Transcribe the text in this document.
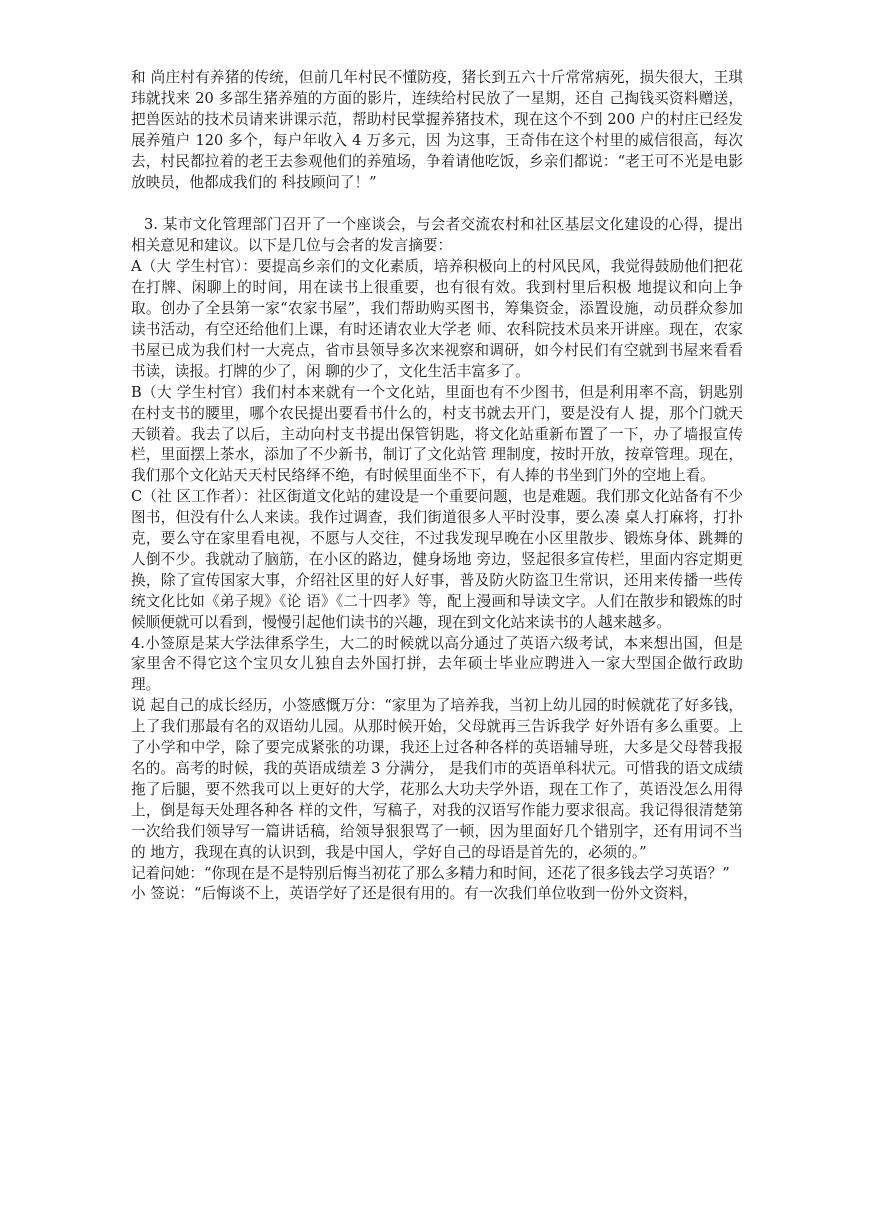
和 尚庄村有养猪的传统，但前几年村民不懂防疫，猪长到五六十斤常常病死，损失很大，王琪玮就找来 20 多部生猪养殖的方面的影片，连续给村民放了一星期，还自 己掏钱买资料赠送，把兽医站的技术员请来讲课示范，帮助村民掌握养猪技术，现在这个不到 200 户的村庄已经发展养殖户 120 多个，每户年收入 4 万多元，因 为这事，王奇伟在这个村里的威信很高，每次去，村民都拉着的老王去参观他们的养殖场，争着请他吃饭，乡亲们都说：“老王可不光是电影放映员，他都成我们的 科技顾问了！”

3. 某市文化管理部门召开了一个座谈会，与会者交流农村和社区基层文化建设的心得，提出相关意见和建议。以下是几位与会者的发言摘要：

A（大 学生村官）：要提高乡亲们的文化素质，培养积极向上的村风民风，我觉得鼓励他们把花在打牌、闲聊上的时间，用在读书上很重要，也有很有效。我到村里后积极 地提议和向上争取。创办了全县第一家“农家书屋”，我们帮助购买图书，筹集资金，添置设施，动员群众参加读书活动，有空还给他们上课，有时还请农业大学老 师、农科院技术员来开讲座。现在，农家书屋已成为我们村一大亮点，省市县领导多次来视察和调研，如今村民们有空就到书屋来看看书读，读报。打牌的少了，闲 聊的少了，文化生活丰富多了。

B（大 学生村官）我们村本来就有一个文化站，里面也有不少图书，但是利用率不高，钥匙别在村支书的腰里，哪个农民提出要看书什么的，村支书就去开门，要是没有人 提，那个门就天天锁着。我去了以后，主动向村支书提出保管钥匙，将文化站重新布置了一下，办了墙报宣传栏，里面摆上茶水，添加了不少新书，制订了文化站管 理制度，按时开放，按章管理。现在，我们那个文化站天天村民络绎不绝，有时候里面坐不下，有人捧的书坐到门外的空地上看。

C（社 区工作者）：社区街道文化站的建设是一个重要问题，也是难题。我们那文化站备有不少图书，但没有什么人来读。我作过调查，我们街道很多人平时没事，要么凑 桌人打麻将，打扑克，要么守在家里看电视，不愿与人交往，不过我发现早晚在小区里散步、锻炼身体、跳舞的人倒不少。我就动了脑筋，在小区的路边，健身场地 旁边，竖起很多宣传栏，里面内容定期更换，除了宣传国家大事，介绍社区里的好人好事，普及防火防盗卫生常识，还用来传播一些传统文化比如《弟子规》《论 语》《二十四孝》等，配上漫画和导读文字。人们在散步和锻炼的时候顺便就可以看到，慢慢引起他们读书的兴趣，现在到文化站来读书的人越来越多。

4.小签原是某大学法律系学生，大二的时候就以高分通过了英语六级考试，本来想出国，但是家里舍不得它这个宝贝女儿独自去外国打拼，去年硕士毕业应聘进入一家大型国企做行政助理。

说 起自己的成长经历，小签感慨万分：“家里为了培养我，当初上幼儿园的时候就花了好多钱，上了我们那最有名的双语幼儿园。从那时候开始，父母就再三告诉我学 好外语有多么重要。上了小学和中学，除了要完成紧张的功课，我还上过各种各样的英语辅导班，大多是父母替我报名的。高考的时候，我的英语成绩差 3 分满分， 是我们市的英语单科状元。可惜我的语文成绩拖了后腿，要不然我可以上更好的大学，花那么大功夫学外语，现在工作了，英语没怎么用得上，倒是每天处理各种各 样的文件，写稿子，对我的汉语写作能力要求很高。我记得很清楚第一次给我们领导写一篇讲话稿，给领导狠狠骂了一顿，因为里面好几个错别字，还有用词不当的 地方，我现在真的认识到，我是中国人，学好自己的母语是首先的，必须的。”

记着问她：“你现在是不是特别后悔当初花了那么多精力和时间，还花了很多钱去学习英语？”

小 签说：“后悔谈不上，英语学好了还是很有用的。有一次我们单位收到一份外文资料，
